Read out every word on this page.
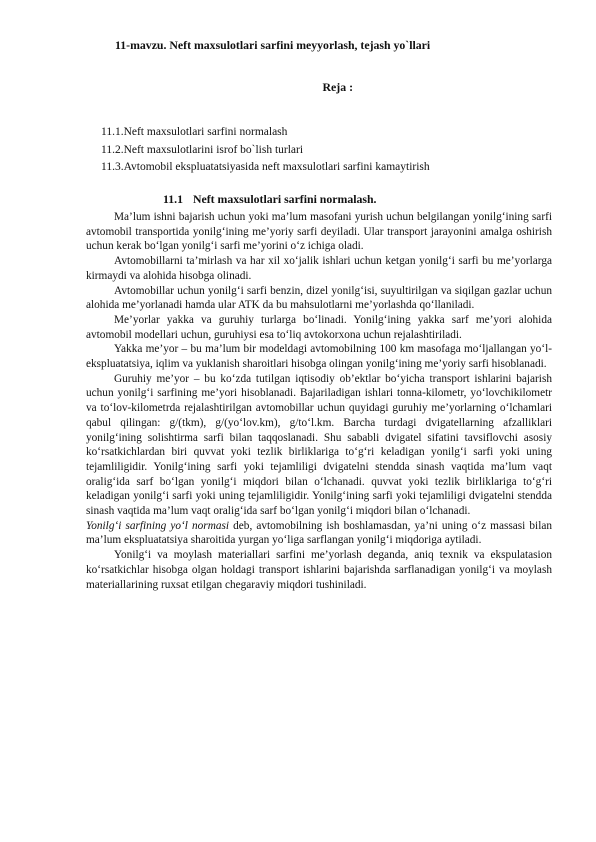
11-mavzu. Neft maxsulotlari sarfini meyyorlash, tejash yo`llari

Reja :

11.1.Neft maxsulotlari sarfini normalash
11.2.Neft maxsulotlarini isrof bo`lish turlari
11.3.Avtomobil ekspluatatsiyasida neft maxsulotlari sarfini kamaytirish
11.1 Neft maxsulotlari sarfini normalash.

Ma’lum ishni bajarish uchun yoki ma’lum masofani yurish uchun belgilangan yonilg‘ining sarfi avtomobil transportida yonilg‘ining me’yoriy sarfi deyiladi. Ular transport jarayonini amalga oshirish uchun kerak bo‘lgan yonilg‘i sarfi me’yorini o‘z ichiga oladi.

Avtomobillarni ta’mirlash va har xil xo‘jalik ishlari uchun ketgan yonilg‘i sarfi bu me’yorlarga kirmaydi va alohida hisobga olinadi.

Avtomobillar uchun yonilg‘i sarfi benzin, dizel yonilg‘isi, suyultirilgan va siqilgan gazlar uchun alohida me’yorlanadi hamda ular ATK da bu mahsulotlarni me’yorlashda qo‘llaniladi.

Me’yorlar yakka va guruhiy turlarga bo‘linadi. Yonilg‘ining yakka sarf me’yori alohida avtomobil modellari uchun, guruhiysi esa to‘liq avtokorxona uchun rejalashtiriladi.

Yakka me’yor – bu ma’lum bir modeldagi avtomobilning 100 km masofaga mo‘ljallangan yo‘l-ekspluatatsiya, iqlim va yuklanish sharoitlari hisobga olingan yonilg‘ining me’yoriy sarfi hisoblanadi.

Guruhiy me’yor – bu ko‘zda tutilgan iqtisodiy ob’ektlar bo‘yicha transport ishlarini bajarish uchun yonilg‘i sarfining me’yori hisoblanadi. Bajariladigan ishlari tonna-kilometr, yo‘lovchikilometr va to‘lov-kilometrda rejalashtirilgan avtomobillar uchun quyidagi guruhiy me’yorlarning o‘lchamlari qabul qilingan: g/(tkm), g/(yo‘lov.km), g/to‘l.km. Barcha turdagi dvigatellarning afzalliklari yonilg‘ining solishtirma sarfi bilan taqqoslanadi. Shu sababli dvigatel sifatini tavsiflovchi asosiy ko‘rsatkichlardan biri quvvat yoki tezlik birliklariga to‘g‘ri keladigan yonilg‘i sarfi yoki uning tejamliligidir. Yonilg‘ining sarfi yoki tejamliligi dvigatelni stendda sinash vaqtida ma’lum vaqt oralig‘ida sarf bo‘lgan yonilg‘i miqdori bilan o‘lchanadi. quvvat yoki tezlik birliklariga to‘g‘ri keladigan yonilg‘i sarfi yoki uning tejamliligidir. Yonilg‘ining sarfi yoki tejamliligi dvigatelni stendda sinash vaqtida ma’lum vaqt oralig‘ida sarf bo‘lgan yonilg‘i miqdori bilan o‘lchanadi.

Yonilg‘i sarfining yo‘l normasi deb, avtomobilning ish boshlamasdan, ya’ni uning o‘z massasi bilan ma’lum ekspluatatsiya sharoitida yurgan yo‘liga sarflangan yonilg‘i miqdoriga aytiladi.

Yonilg‘i va moylash materiallari sarfini me’yorlash deganda, aniq texnik va ekspulatasion ko‘rsatkichlar hisobga olgan holdagi transport ishlarini bajarishda sarflanadigan yonilg‘i va moylash materiallarining ruxsat etilgan chegaraviy miqdori tushiniladi.
